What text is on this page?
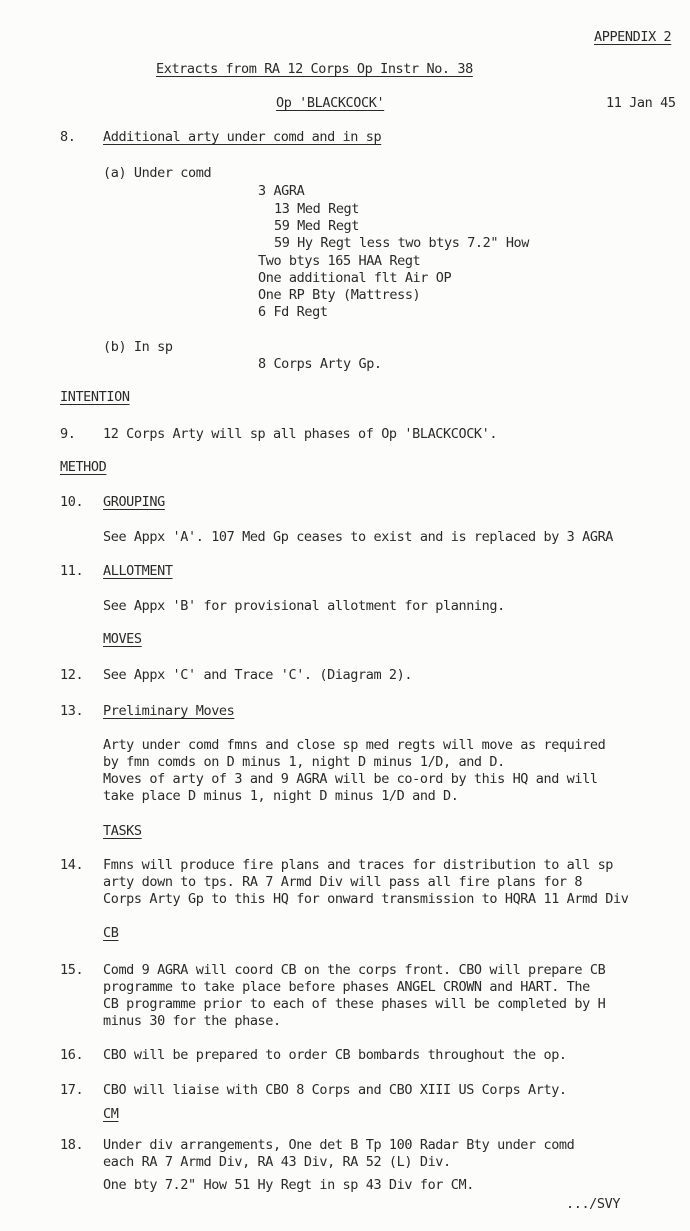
APPENDIX 2
Extracts from RA 12 Corps Op Instr No. 38
Op 'BLACKCOCK'	11 Jan 45
8. Additional arty under comd and in sp
(a) Under comd
3 AGRA
13 Med Regt
59 Med Regt
59 Hy Regt less two btys 7.2" How
Two btys 165 HAA Regt
One additional flt Air OP
One RP Bty (Mattress)
6 Fd Regt
(b) In sp
8 Corps Arty Gp.
INTENTION
9. 12 Corps Arty will sp all phases of Op 'BLACKCOCK'.
METHOD
10. GROUPING
See Appx 'A'. 107 Med Gp ceases to exist and is replaced by 3 AGRA
11. ALLOTMENT
See Appx 'B' for provisional allotment for planning.
MOVES
12. See Appx 'C' and Trace 'C'. (Diagram 2).
13. Preliminary Moves
Arty under comd fmns and close sp med regts will move as required
by fmn comds on D minus 1, night D minus 1/D, and D.
Moves of arty of 3 and 9 AGRA will be co-ord by this HQ and will
take place D minus 1, night D minus 1/D and D.
TASKS
14. Fmns will produce fire plans and traces for distribution to all sp
arty down to tps. RA 7 Armd Div will pass all fire plans for 8
Corps Arty Gp to this HQ for onward transmission to HQRA 11 Armd Div
CB
15. Comd 9 AGRA will coord CB on the corps front. CBO will prepare CB
programme to take place before phases ANGEL CROWN and HART. The
CB programme prior to each of these phases will be completed by H
minus 30 for the phase.
16. CBO will be prepared to order CB bombards throughout the op.
17. CBO will liaise with CBO 8 Corps and CBO XIII US Corps Arty.
CM
18. Under div arrangements, One det B Tp 100 Radar Bty under comd
each RA 7 Armd Div, RA 43 Div, RA 52 (L) Div.
One bty 7.2" How 51 Hy Regt in sp 43 Div for CM.
.../SVY
